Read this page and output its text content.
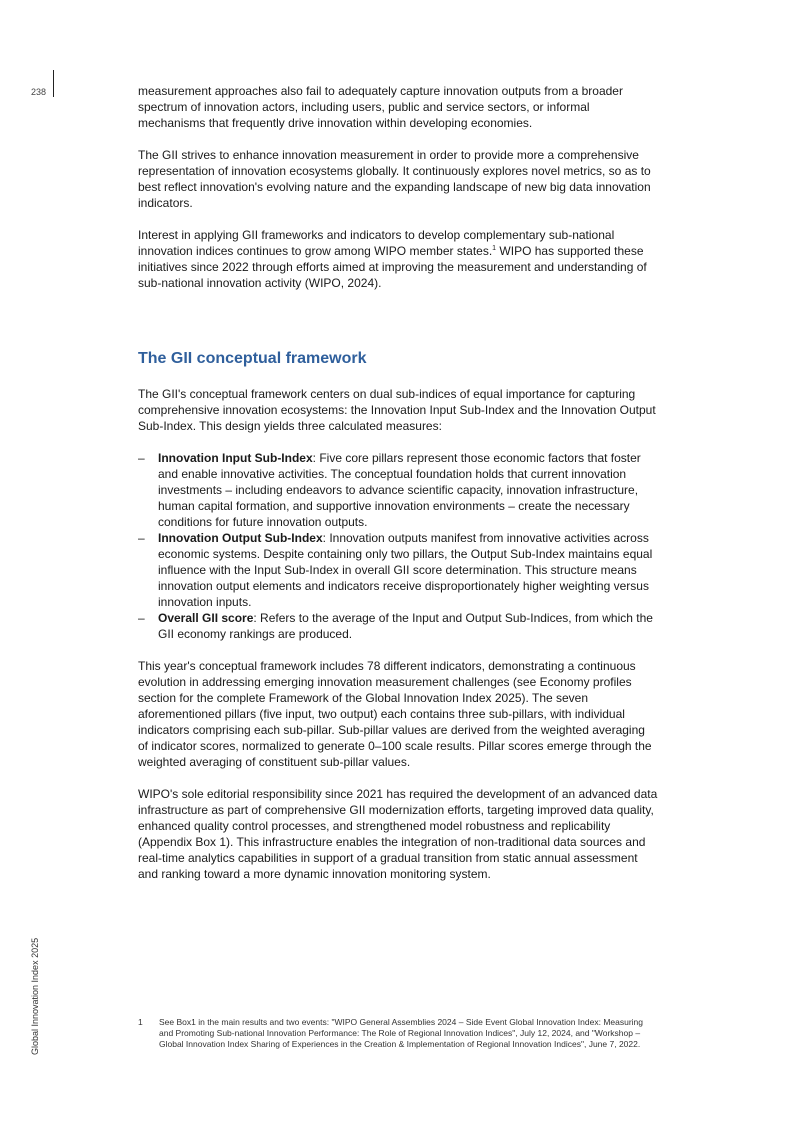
238
Global Innovation Index 2025

measurement approaches also fail to adequately capture innovation outputs from a broader spectrum of innovation actors, including users, public and service sectors, or informal mechanisms that frequently drive innovation within developing economies.

The GII strives to enhance innovation measurement in order to provide more a comprehensive representation of innovation ecosystems globally. It continuously explores novel metrics, so as to best reflect innovation's evolving nature and the expanding landscape of new big data innovation indicators.

Interest in applying GII frameworks and indicators to develop complementary sub-national innovation indices continues to grow among WIPO member states.$^1$ WIPO has supported these initiatives since 2022 through efforts aimed at improving the measurement and understanding of sub-national innovation activity (WIPO, 2024).

The GII conceptual framework

The GII's conceptual framework centers on dual sub-indices of equal importance for capturing comprehensive innovation ecosystems: the Innovation Input Sub-Index and the Innovation Output Sub-Index. This design yields three calculated measures:

– Innovation Input Sub-Index: Five core pillars represent those economic factors that foster and enable innovative activities. The conceptual foundation holds that current innovation investments – including endeavors to advance scientific capacity, innovation infrastructure, human capital formation, and supportive innovation environments – create the necessary conditions for future innovation outputs.
– Innovation Output Sub-Index: Innovation outputs manifest from innovative activities across economic systems. Despite containing only two pillars, the Output Sub-Index maintains equal influence with the Input Sub-Index in overall GII score determination. This structure means innovation output elements and indicators receive disproportionately higher weighting versus innovation inputs.
– Overall GII score: Refers to the average of the Input and Output Sub-Indices, from which the GII economy rankings are produced.

This year's conceptual framework includes 78 different indicators, demonstrating a continuous evolution in addressing emerging innovation measurement challenges (see Economy profiles section for the complete Framework of the Global Innovation Index 2025). The seven aforementioned pillars (five input, two output) each contains three sub-pillars, with individual indicators comprising each sub-pillar. Sub-pillar values are derived from the weighted averaging of indicator scores, normalized to generate 0–100 scale results. Pillar scores emerge through the weighted averaging of constituent sub-pillar values.

WIPO's sole editorial responsibility since 2021 has required the development of an advanced data infrastructure as part of comprehensive GII modernization efforts, targeting improved data quality, enhanced quality control processes, and strengthened model robustness and replicability (Appendix Box 1). This infrastructure enables the integration of non-traditional data sources and real-time analytics capabilities in support of a gradual transition from static annual assessment and ranking toward a more dynamic innovation monitoring system.

1	See Box1 in the main results and two events: "WIPO General Assemblies 2024 – Side Event Global Innovation Index: Measuring and Promoting Sub-national Innovation Performance: The Role of Regional Innovation Indices", July 12, 2024, and "Workshop – Global Innovation Index Sharing of Experiences in the Creation & Implementation of Regional Innovation Indices", June 7, 2022.
